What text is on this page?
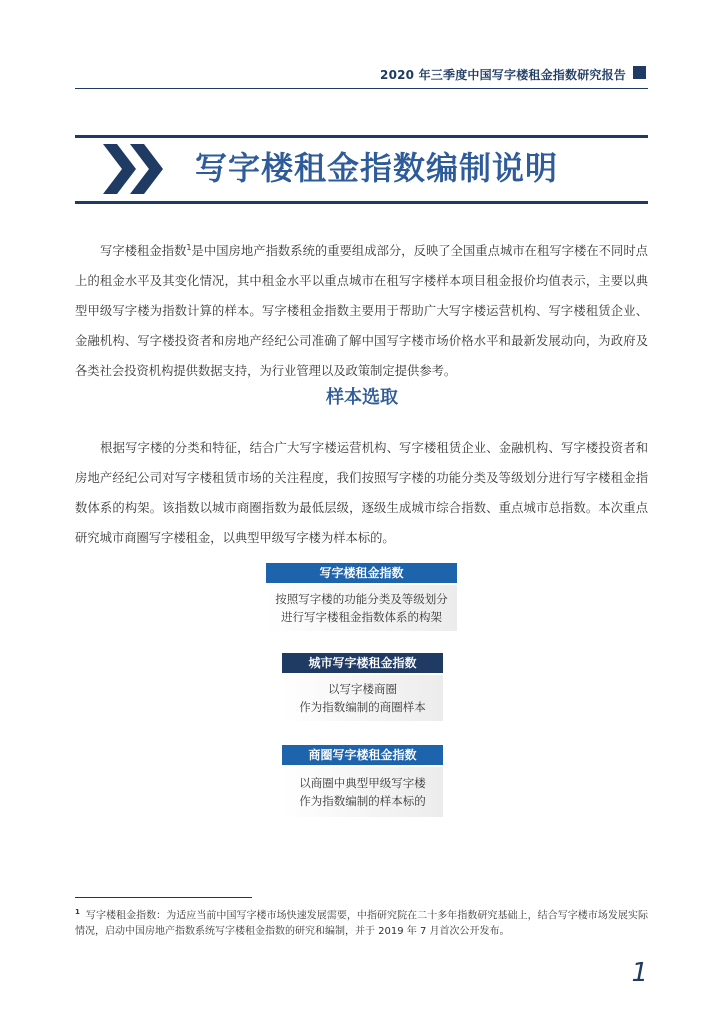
2020 年三季度中国写字楼租金指数研究报告
写字楼租金指数编制说明

写字楼租金指数$^1$是中国房地产指数系统的重要组成部分，反映了全国重点城市在租写字楼在不同时点上的租金水平及其变化情况，其中租金水平以重点城市在租写字楼样本项目租金报价均值表示，主要以典型甲级写字楼为指数计算的样本。写字楼租金指数主要用于帮助广大写字楼运营机构、写字楼租赁企业、金融机构、写字楼投资者和房地产经纪公司准确了解中国写字楼市场价格水平和最新发展动向，为政府及各类社会投资机构提供数据支持，为行业管理以及政策制定提供参考。

样本选取

根据写字楼的分类和特征，结合广大写字楼运营机构、写字楼租赁企业、金融机构、写字楼投资者和房地产经纪公司对写字楼租赁市场的关注程度，我们按照写字楼的功能分类及等级划分进行写字楼租金指数体系的构架。该指数以城市商圈指数为最低层级，逐级生成城市综合指数、重点城市总指数。本次重点研究城市商圈写字楼租金，以典型甲级写字楼为样本标的。

写字楼租金指数
按照写字楼的功能分类及等级划分
进行写字楼租金指数体系的构架
城市写字楼租金指数
以写字楼商圈
作为指数编制的商圈样本
商圈写字楼租金指数
以商圈中典型甲级写字楼
作为指数编制的样本标的

$^1$ 写字楼租金指数：为适应当前中国写字楼市场快速发展需要，中指研究院在二十多年指数研究基础上，结合写字楼市场发展实际情况，启动中国房地产指数系统写字楼租金指数的研究和编制，并于 2019 年 7 月首次公开发布。

1
